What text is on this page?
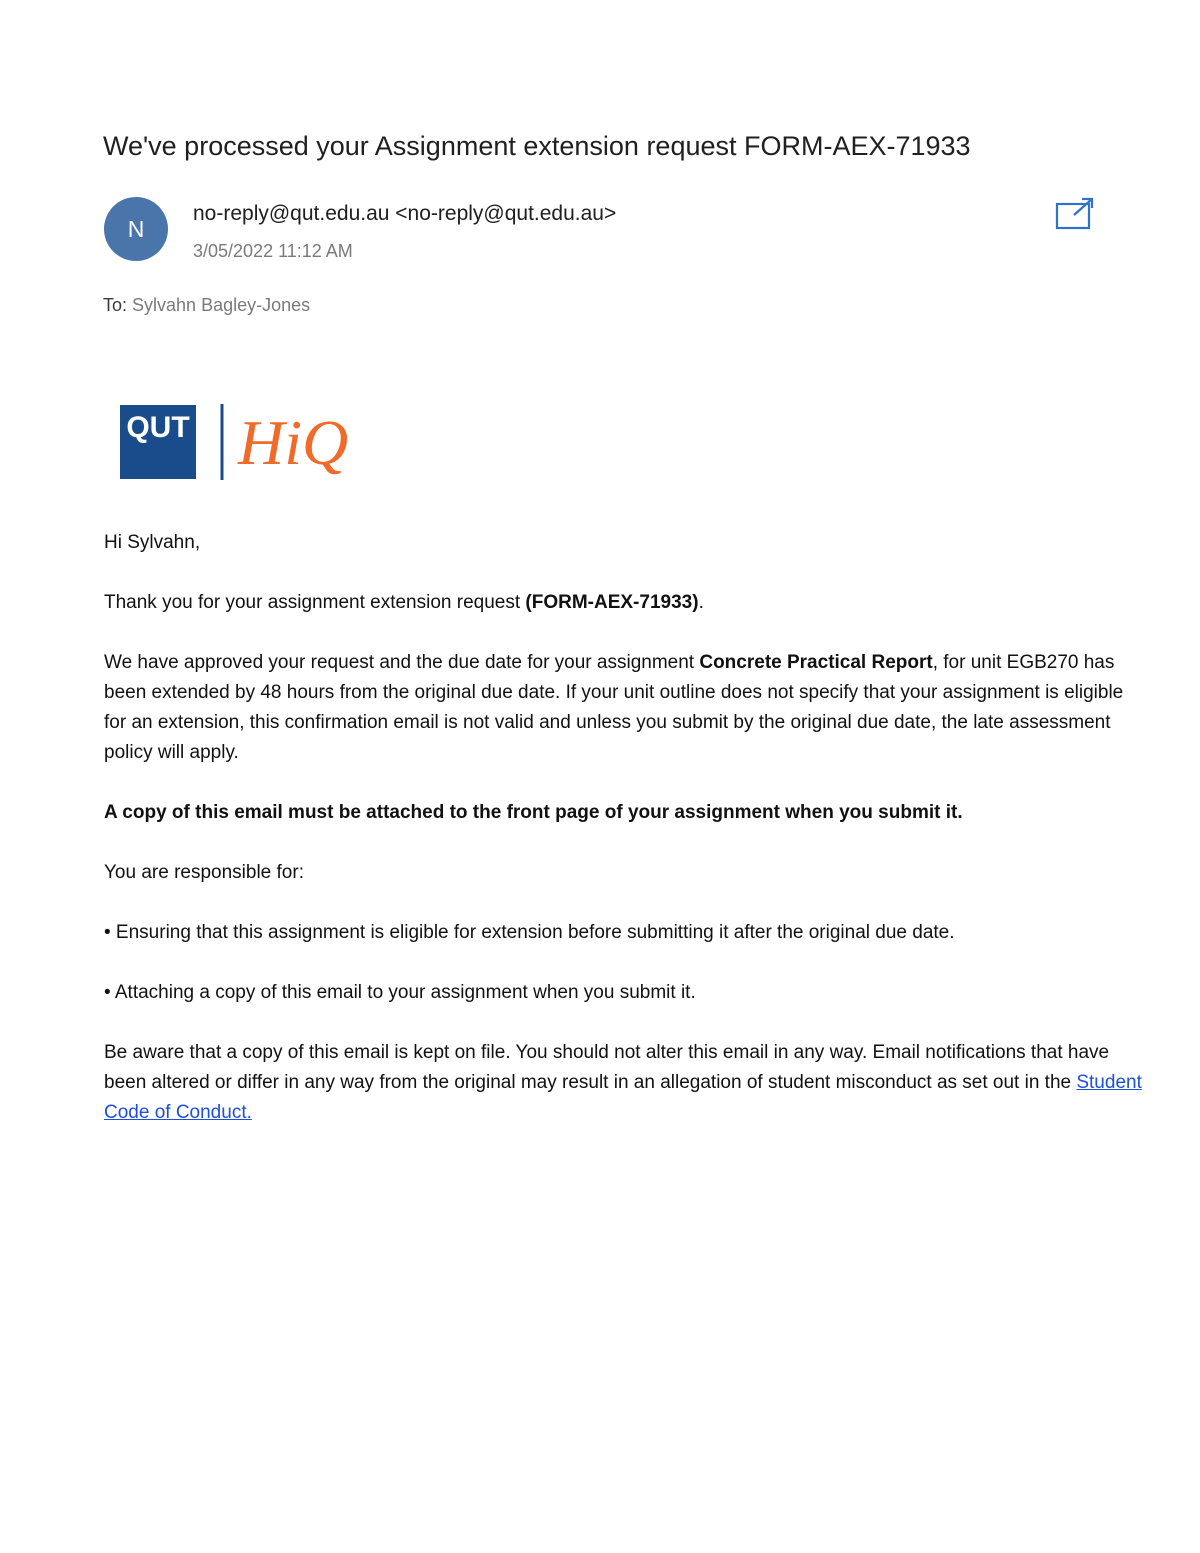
We've processed your Assignment extension request FORM-AEX-71933
N
no-reply@qut.edu.au <no-reply@qut.edu.au>
3/05/2022 11:12 AM
To: Sylvahn Bagley-Jones
QUT HiQ

Hi Sylvahn,

Thank you for your assignment extension request (FORM-AEX-71933).

We have approved your request and the due date for your assignment Concrete Practical Report, for unit EGB270 has been extended by 48 hours from the original due date. If your unit outline does not specify that your assignment is eligible for an extension, this confirmation email is not valid and unless you submit by the original due date, the late assessment policy will apply.

A copy of this email must be attached to the front page of your assignment when you submit it.

You are responsible for:

• Ensuring that this assignment is eligible for extension before submitting it after the original due date.

• Attaching a copy of this email to your assignment when you submit it.

Be aware that a copy of this email is kept on file. You should not alter this email in any way. Email notifications that have been altered or differ in any way from the original may result in an allegation of student misconduct as set out in the Student Code of Conduct.
